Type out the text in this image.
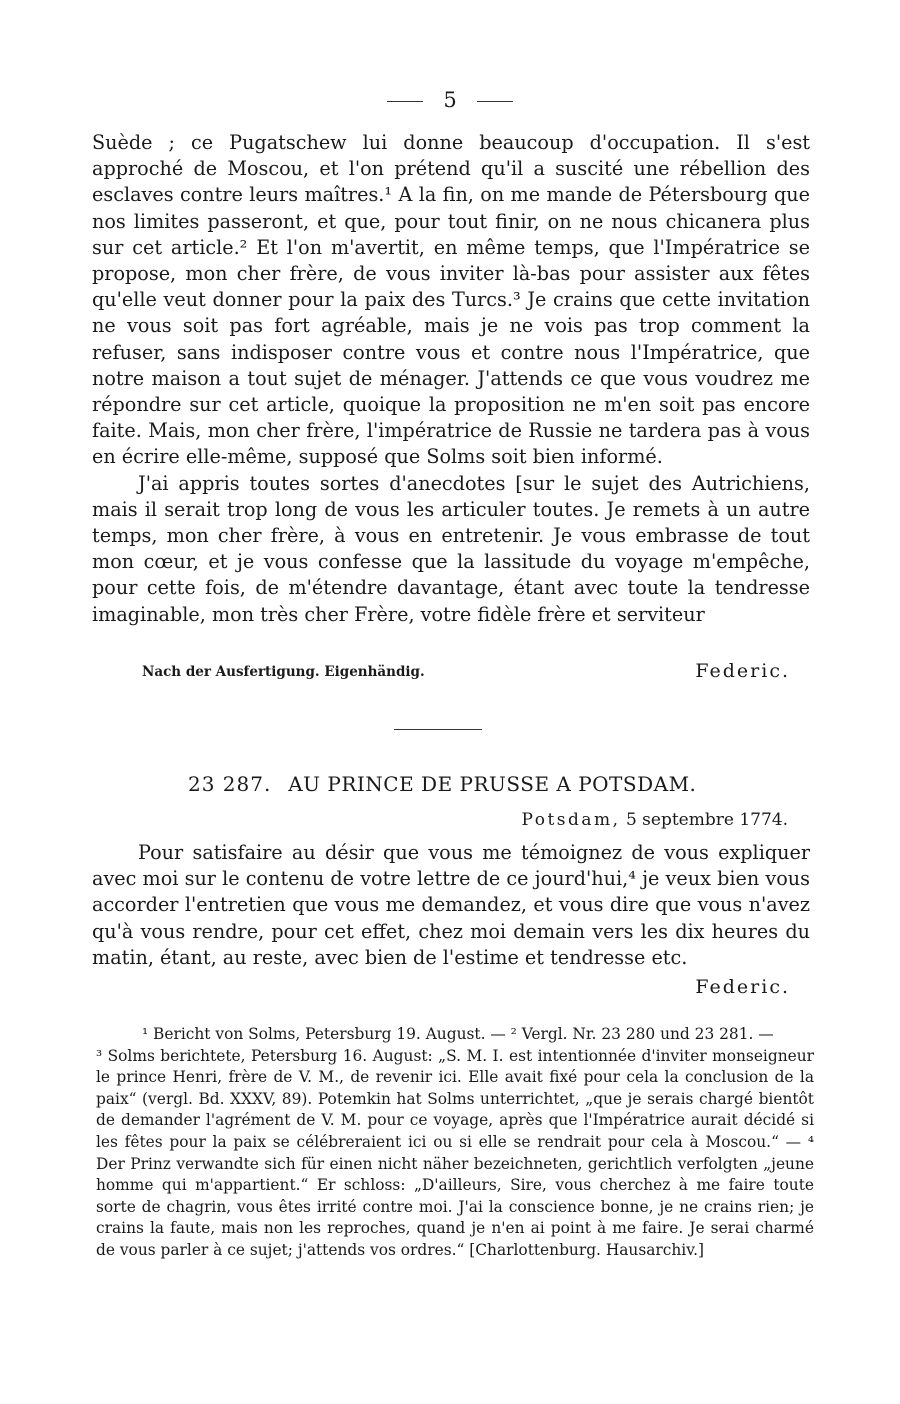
5

Suède ; ce Pugatschew lui donne beaucoup d'occupation. Il s'est approché de Moscou, et l'on prétend qu'il a suscité une rébellion des esclaves contre leurs maîtres.¹ A la fin, on me mande de Pétersbourg que nos limites passeront, et que, pour tout finir, on ne nous chicanera plus sur cet article.² Et l'on m'avertit, en même temps, que l'Impératrice se propose, mon cher frère, de vous inviter là-bas pour assister aux fêtes qu'elle veut donner pour la paix des Turcs.³ Je crains que cette invitation ne vous soit pas fort agréable, mais je ne vois pas trop comment la refuser, sans indisposer contre vous et contre nous l'Impératrice, que notre maison a tout sujet de ménager. J'attends ce que vous voudrez me répondre sur cet article, quoique la proposition ne m'en soit pas encore faite. Mais, mon cher frère, l'impératrice de Russie ne tardera pas à vous en écrire elle-même, supposé que Solms soit bien informé.

J'ai appris toutes sortes d'anecdotes [sur le sujet des Autrichiens, mais il serait trop long de vous les articuler toutes. Je remets à un autre temps, mon cher frère, à vous en entretenir. Je vous embrasse de tout mon cœur, et je vous confesse que la lassitude du voyage m'empêche, pour cette fois, de m'étendre davantage, étant avec toute la tendresse imaginable, mon très cher Frère, votre fidèle frère et serviteur

Nach der Ausfertigung. Eigenhändig.	Federic.
23 287. AU PRINCE DE PRUSSE A POTSDAM.
Potsdam, 5 septembre 1774.

Pour satisfaire au désir que vous me témoignez de vous expliquer avec moi sur le contenu de votre lettre de ce jourd'hui,⁴ je veux bien vous accorder l'entretien que vous me demandez, et vous dire que vous n'avez qu'à vous rendre, pour cet effet, chez moi demain vers les dix heures du matin, étant, au reste, avec bien de l'estime et tendresse etc.

Federic.

¹ Bericht von Solms, Petersburg 19. August. — ² Vergl. Nr. 23 280 und 23 281. —

³ Solms berichtete, Petersburg 16. August: „S. M. I. est intentionnée d'inviter monseigneur le prince Henri, frère de V. M., de revenir ici. Elle avait fixé pour cela la conclusion de la paix“ (vergl. Bd. XXXV, 89). Potemkin hat Solms unterrichtet, „que je serais chargé bientôt de demander l'agrément de V. M. pour ce voyage, après que l'Impératrice aurait décidé si les fêtes pour la paix se célébreraient ici ou si elle se rendrait pour cela à Moscou.“ — ⁴ Der Prinz verwandte sich für einen nicht näher bezeichneten, gerichtlich verfolgten „jeune homme qui m'appartient.“ Er schloss: „D'ailleurs, Sire, vous cherchez à me faire toute sorte de chagrin, vous êtes irrité contre moi. J'ai la conscience bonne, je ne crains rien; je crains la faute, mais non les reproches, quand je n'en ai point à me faire. Je serai charmé de vous parler à ce sujet; j'attends vos ordres.“ [Charlottenburg. Hausarchiv.]
